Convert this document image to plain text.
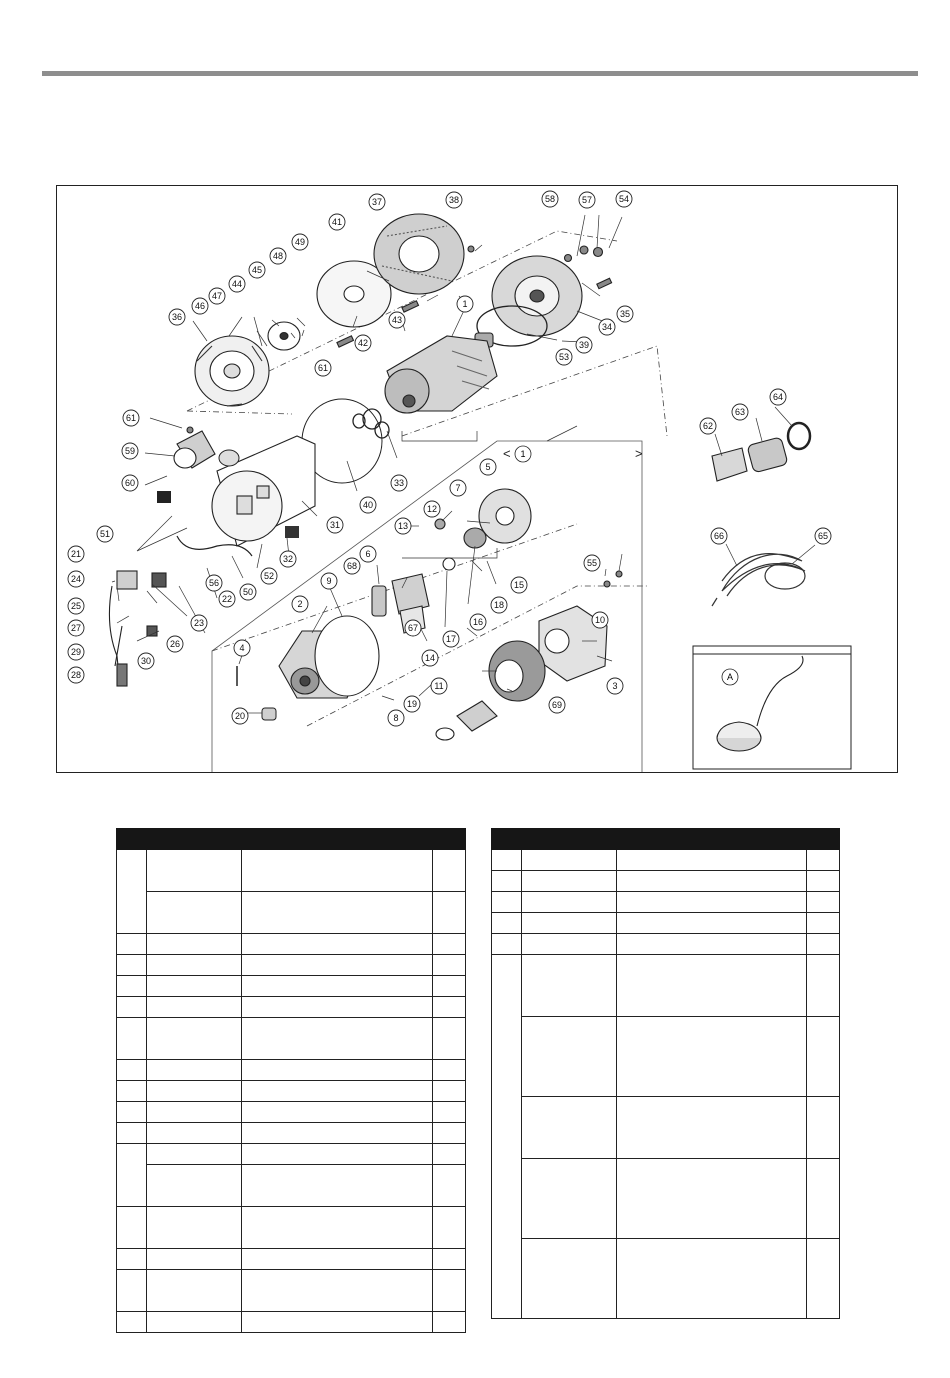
< 1	>
A
1
2
3
4
5
6
7
8
9
10
11
12
13
14
15
16
17
18
19
20
21
22
23
24
25
26
27
28
29
30
31
32
33
34
35
36
37	38
39
40
41
42
43
44
45
46
47
48
49
50
51
52
53
54
55
56
57
58
59
60
61
62
63
64
65
66
67
68
69
61
